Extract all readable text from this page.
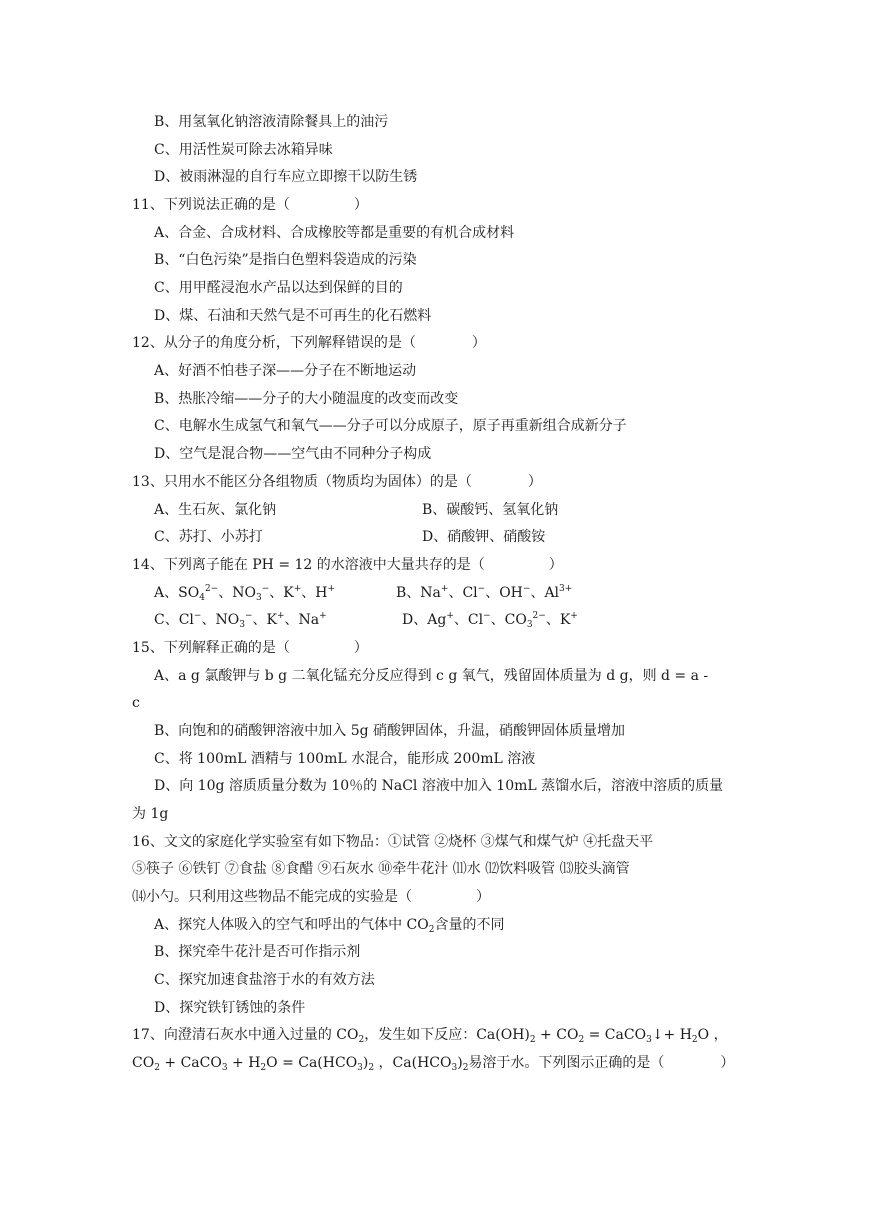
B、用氢氧化钠溶液清除餐具上的油污
C、用活性炭可除去冰箱异味
D、被雨淋湿的自行车应立即擦干以防生锈
11、下列说法正确的是（	）
A、合金、合成材料、合成橡胶等都是重要的有机合成材料
B、“白色污染”是指白色塑料袋造成的污染
C、用甲醛浸泡水产品以达到保鲜的目的
D、煤、石油和天然气是不可再生的化石燃料
12、从分子的角度分析，下列解释错误的是（	）
A、好酒不怕巷子深——分子在不断地运动
B、热胀冷缩——分子的大小随温度的改变而改变
C、电解水生成氢气和氧气——分子可以分成原子，原子再重新组合成新分子
D、空气是混合物——空气由不同种分子构成
13、只用水不能区分各组物质（物质均为固体）的是（	）
A、生石灰、氯化钠	B、碳酸钙、氢氧化钠
C、苏打、小苏打	D、硝酸钾、硝酸铵
14、下列离子能在 PH = 12 的水溶液中大量共存的是（	）
A、$SO_4^{2-}$、$NO_3^-$、K+、H+	B、Na+、Cl−、OH−、$Al^{3+}$
C、Cl−、$NO_3^-$、K+、Na+	D、Ag+、Cl−、$CO_3^{2-}$、K+
15、下列解释正确的是（	）
A、a g 氯酸钾与 b g 二氧化锰充分反应得到 c g 氧气，残留固体质量为 d g，则 d = a -
c
B、向饱和的硝酸钾溶液中加入 5g 硝酸钾固体，升温，硝酸钾固体质量增加
C、将 100mL 酒精与 100mL 水混合，能形成 200mL 溶液
D、向 10g 溶质质量分数为 10％的 NaCl 溶液中加入 10mL 蒸馏水后，溶液中溶质的质量
为 1g
16、文文的家庭化学实验室有如下物品：①试管 ②烧杯 ③煤气和煤气炉 ④托盘天平
⑤筷子 ⑥铁钉 ⑦食盐 ⑧食醋 ⑨石灰水 ⑩牵牛花汁 ⑾水 ⑿饮料吸管 ⒀胶头滴管
⒁小勺。只利用这些物品不能完成的实验是（	）
A、探究人体吸入的空气和呼出的气体中 $CO_2$含量的不同
B、探究牵牛花汁是否可作指示剂
C、探究加速食盐溶于水的有效方法
D、探究铁钉锈蚀的条件
17、向澄清石灰水中通入过量的 $CO_2$，发生如下反应：$Ca(OH)_2 + CO_2$ = CaCO$_3$↓+ $H_2O$ ，
$CO_2$ + CaCO$_3$ + $H_2O = Ca(HCO_3)_2$ ，$Ca(HCO_3)_2$易溶于水。下列图示正确的是（	）
